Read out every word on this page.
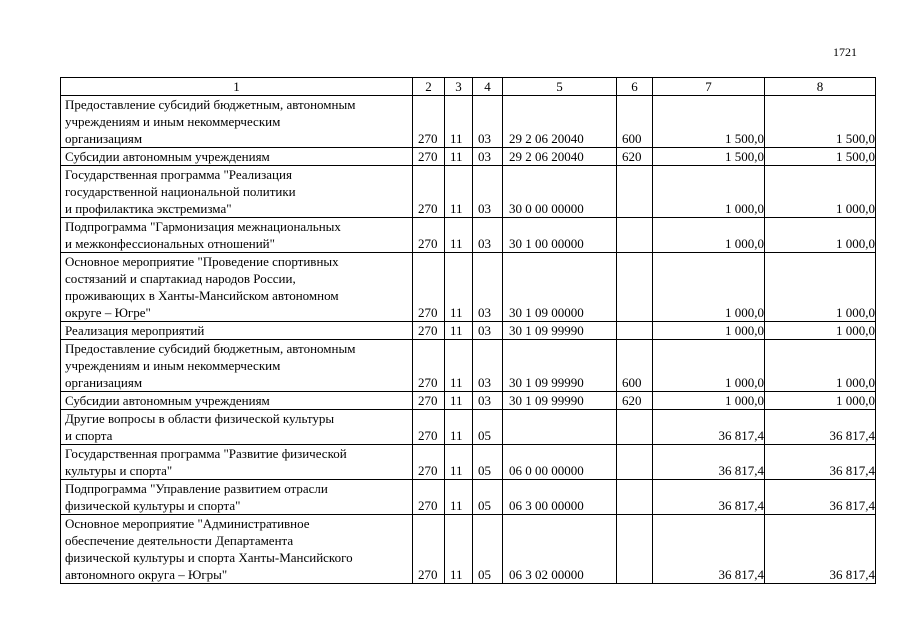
1721
1	2	3	4	5	6	7	8
Предоставление субсидий бюджетным, автономным
учреждениям и иным некоммерческим
организациям	270	11	03	29 2 06 20040	600	1 500,0	1 500,0
Субсидии автономным учреждениям	270	11	03	29 2 06 20040	620	1 500,0	1 500,0
Государственная программа "Реализация
государственной национальной политики
и профилактика экстремизма"	270	11	03	30 0 00 00000		1 000,0	1 000,0
Подпрограмма "Гармонизация межнациональных
и межконфессиональных отношений"	270	11	03	30 1 00 00000		1 000,0	1 000,0
Основное мероприятие "Проведение спортивных
состязаний и спартакиад народов России,
проживающих в Ханты-Мансийском автономном
округе – Югре"	270	11	03	30 1 09 00000		1 000,0	1 000,0
Реализация мероприятий	270	11	03	30 1 09 99990		1 000,0	1 000,0
Предоставление субсидий бюджетным, автономным
учреждениям и иным некоммерческим
организациям	270	11	03	30 1 09 99990	600	1 000,0	1 000,0
Субсидии автономным учреждениям	270	11	03	30 1 09 99990	620	1 000,0	1 000,0
Другие вопросы в области физической культуры
и спорта	270	11	05			36 817,4	36 817,4
Государственная программа "Развитие физической
культуры и спорта"	270	11	05	06 0 00 00000		36 817,4	36 817,4
Подпрограмма "Управление развитием отрасли
физической культуры и спорта"	270	11	05	06 3 00 00000		36 817,4	36 817,4
Основное мероприятие "Административное
обеспечение деятельности Департамента
физической культуры и спорта Ханты-Мансийского
автономного округа – Югры"	270	11	05	06 3 02 00000		36 817,4	36 817,4
